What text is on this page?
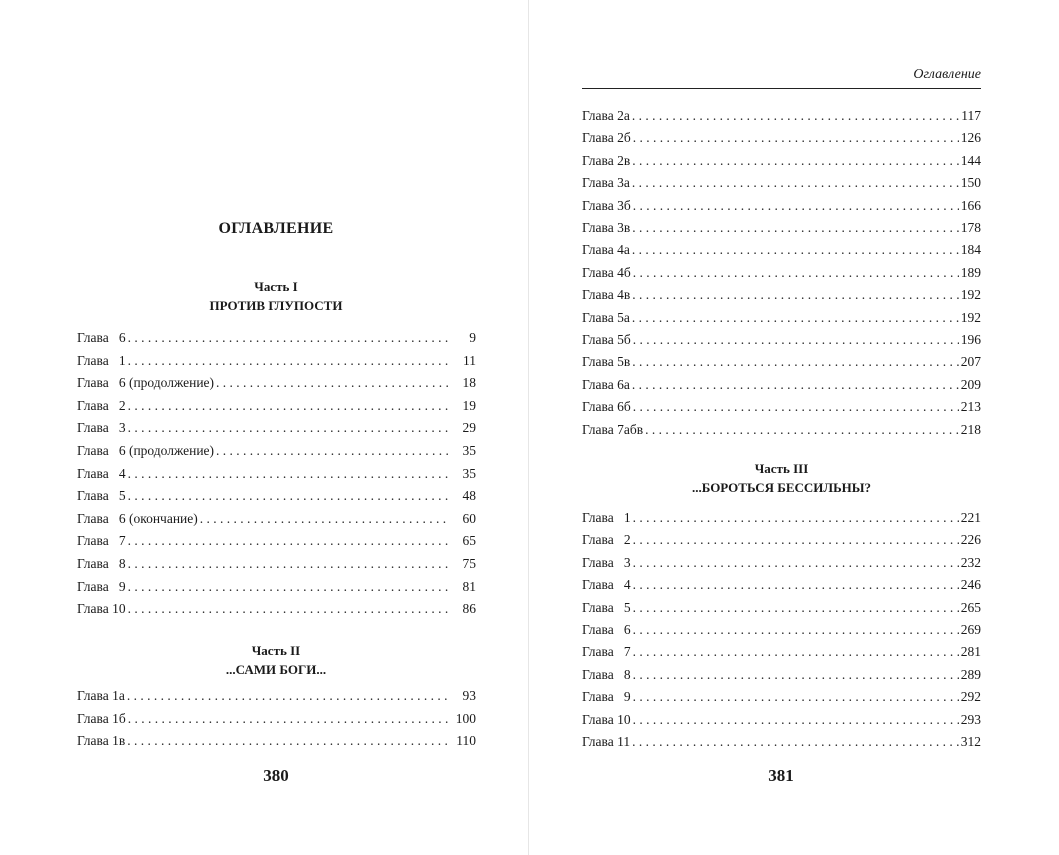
ОГЛАВЛЕНИЕ
Часть I
ПРОТИВ ГЛУПОСТИ
Глава   6 . . .	9
Глава   1 . . .	11
Глава   6 (продолжение) . . .	18
Глава   2 . . .	19
Глава   3 . . .	29
Глава   6 (продолжение) . . .	35
Глава   4 . . .	35
Глава   5 . . .	48
Глава   6 (окончание) . . .	60
Глава   7 . . .	65
Глава   8 . . .	75
Глава   9 . . .	81
Глава 10 . . .	86
Часть II
...САМИ БОГИ...
Глава 1а . . .	93
Глава 1б . . .	100
Глава 1в . . .	110
380
Оглавление
Глава 2а . . .	117
Глава 2б . . .	126
Глава 2в . . .	144
Глава 3а . . .	150
Глава 3б . . .	166
Глава 3в . . .	178
Глава 4а . . .	184
Глава 4б . . .	189
Глава 4в . . .	192
Глава 5а . . .	192
Глава 5б . . .	196
Глава 5в . . .	207
Глава 6а . . .	209
Глава 6б . . .	213
Глава 7абв . . .	218
Часть III
...БОРОТЬСЯ БЕССИЛЬНЫ?
Глава   1 . . .	221
Глава   2 . . .	226
Глава   3 . . .	232
Глава   4 . . .	246
Глава   5 . . .	265
Глава   6 . . .	269
Глава   7 . . .	281
Глава   8 . . .	289
Глава   9 . . .	292
Глава 10 . . .	293
Глава 11 . . .	312
381
